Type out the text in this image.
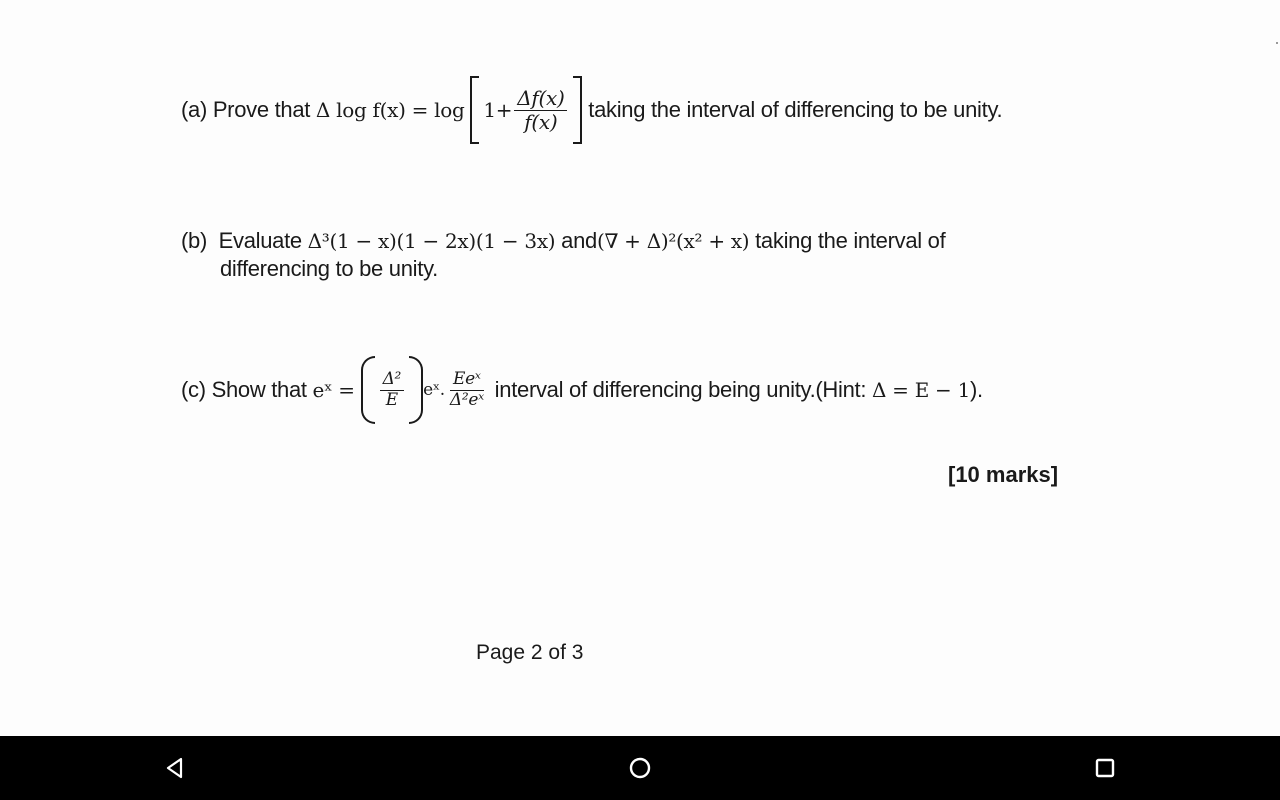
(a)
Prove that
Δ log f(x) = log
$1+ \frac{\Delta f(x)}{f(x)}$
taking the interval of differencing to be unity.
(b) Evaluate Δ³(1 − x)(1 − 2x)(1 − 3x) and(∇ + Δ)²(x² + x) taking the interval of
differencing to be unity.
(c)
Show that
eˣ =
$\frac{\text{Δ²}}{E}$ eˣ. $\frac{\text{Eeˣ}}{\text{Δ²eˣ}}$
interval of differencing being unity.(Hint:
Δ = E − 1 ).
[10 marks]
Page 2 of 3
